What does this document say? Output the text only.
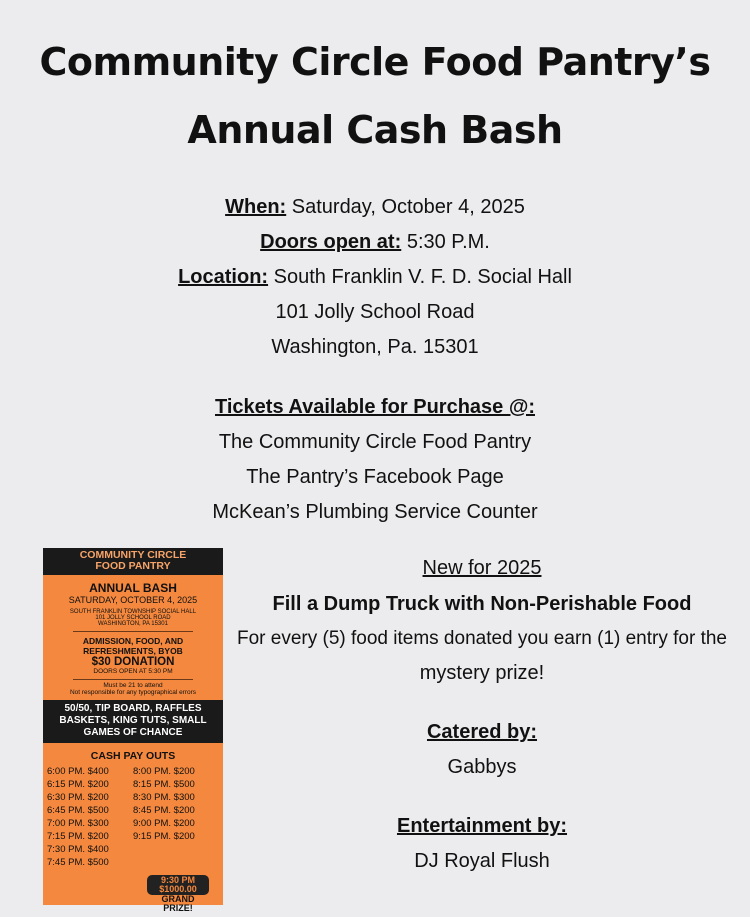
Community Circle Food Pantry’s
Annual Cash Bash
When: Saturday, October 4, 2025
Doors open at: 5:30 P.M.
Location: South Franklin V. F. D. Social Hall
101 Jolly School Road
Washington, Pa. 15301
Tickets Available for Purchase @:
The Community Circle Food Pantry
The Pantry’s Facebook Page
McKean’s Plumbing Service Counter
New for 2025
Fill a Dump Truck with Non-Perishable Food
For every (5) food items donated you earn (1) entry for the
mystery prize!
Catered by:
Gabbys
Entertainment by:
DJ Royal Flush
COMMUNITY CIRCLE
FOOD PANTRY
ANNUAL BASH
SATURDAY, OCTOBER 4, 2025
SOUTH FRANKLIN TOWNSHIP SOCIAL HALL
101 JOLLY SCHOOL ROAD
WASHINGTON, PA 15301
ADMISSION, FOOD, AND
REFRESHMENTS, BYOB
$30 DONATION
DOORS OPEN AT 5:30 PM
Must be 21 to attend
Not responsible for any typographical errors
50/50, TIP BOARD, RAFFLES
BASKETS, KING TUTS, SMALL
GAMES OF CHANCE
CASH PAY OUTS
6:00 PM. $400
6:15 PM. $200
6:30 PM. $200
6:45 PM. $500
7:00 PM. $300
7:15 PM. $200
7:30 PM. $400
7:45 PM. $500
8:00 PM. $200
8:15 PM. $500
8:30 PM. $300
8:45 PM. $200
9:00 PM. $200
9:15 PM. $200
9:30 PM
$1000.00
GRAND PRIZE!
